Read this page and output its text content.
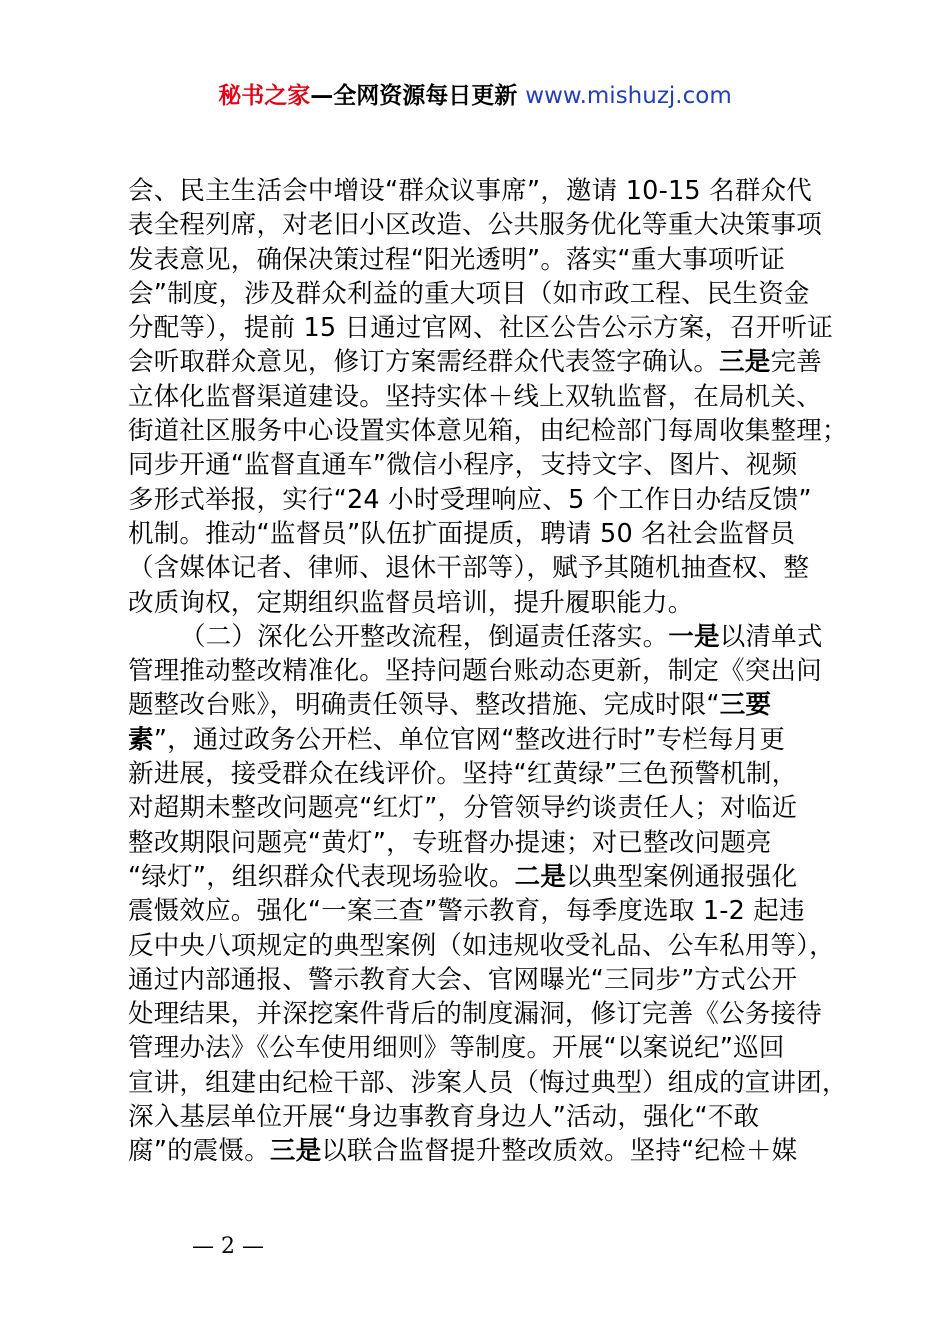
秘书之家—全网资源每日更新 www.mishuzj.com
会、民主生活会中增设“群众议事席”，邀请 10-15 名群众代
表全程列席，对老旧小区改造、公共服务优化等重大决策事项
发表意见，确保决策过程“阳光透明”。落实“重大事项听证
会”制度，涉及群众利益的重大项目（如市政工程、民生资金
分配等），提前 15 日通过官网、社区公告公示方案，召开听证
会听取群众意见，修订方案需经群众代表签字确认。三是完善
立体化监督渠道建设。坚持实体＋线上双轨监督，在局机关、
街道社区服务中心设置实体意见箱，由纪检部门每周收集整理；
同步开通“监督直通车”微信小程序，支持文字、图片、视频
多形式举报，实行“24 小时受理响应、5 个工作日办结反馈”
机制。推动“监督员”队伍扩面提质，聘请 50 名社会监督员
（含媒体记者、律师、退休干部等），赋予其随机抽查权、整
改质询权，定期组织监督员培训，提升履职能力。
（二）深化公开整改流程，倒逼责任落实。一是以清单式
管理推动整改精准化。坚持问题台账动态更新，制定《突出问
题整改台账》，明确责任领导、整改措施、完成时限“三要
素”，通过政务公开栏、单位官网“整改进行时”专栏每月更
新进展，接受群众在线评价。坚持“红黄绿”三色预警机制，
对超期未整改问题亮“红灯”，分管领导约谈责任人；对临近
整改期限问题亮“黄灯”，专班督办提速；对已整改问题亮
“绿灯”，组织群众代表现场验收。二是以典型案例通报强化
震慑效应。强化“一案三查”警示教育，每季度选取 1-2 起违
反中央八项规定的典型案例（如违规收受礼品、公车私用等），
通过内部通报、警示教育大会、官网曝光“三同步”方式公开
处理结果，并深挖案件背后的制度漏洞，修订完善《公务接待
管理办法》《公车使用细则》等制度。开展“以案说纪”巡回
宣讲，组建由纪检干部、涉案人员（悔过典型）组成的宣讲团，
深入基层单位开展“身边事教育身边人”活动，强化“不敢
腐”的震慑。三是以联合监督提升整改质效。坚持“纪检＋媒
— 2 —
